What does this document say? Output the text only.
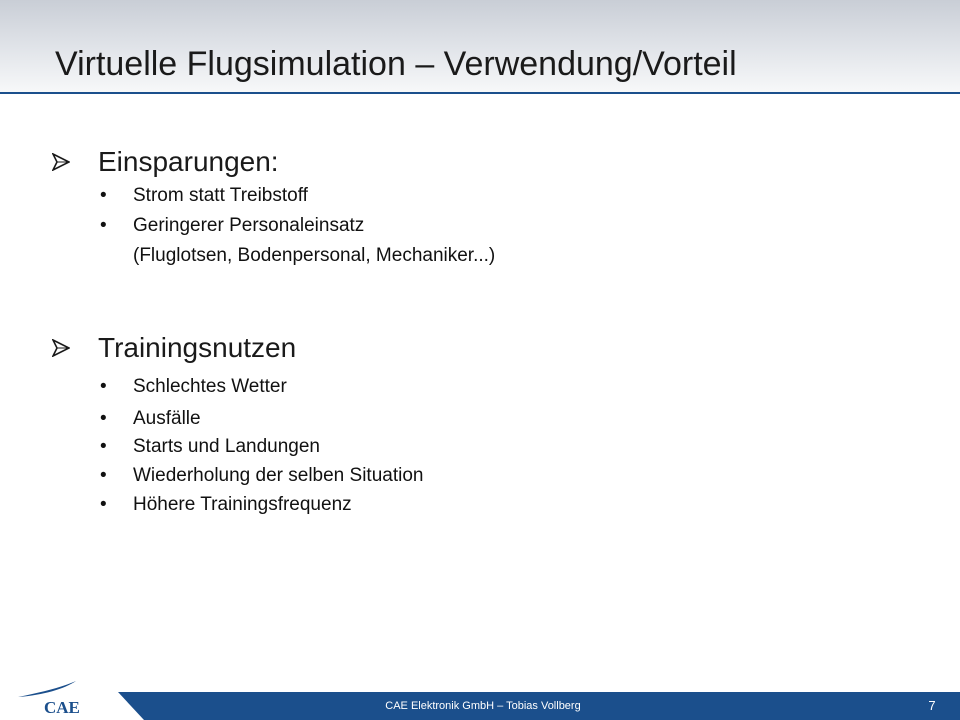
Virtuelle Flugsimulation – Verwendung/Vorteil
Einsparungen:
• Strom statt Treibstoff
• Geringerer Personaleinsatz
(Fluglotsen, Bodenpersonal, Mechaniker...)
Trainingsnutzen
• Schlechtes Wetter
• Ausfälle
• Starts und Landungen
• Wiederholung der selben Situation
• Höhere Trainingsfrequenz
CAE	CAE Elektronik GmbH – Tobias Vollberg	7
